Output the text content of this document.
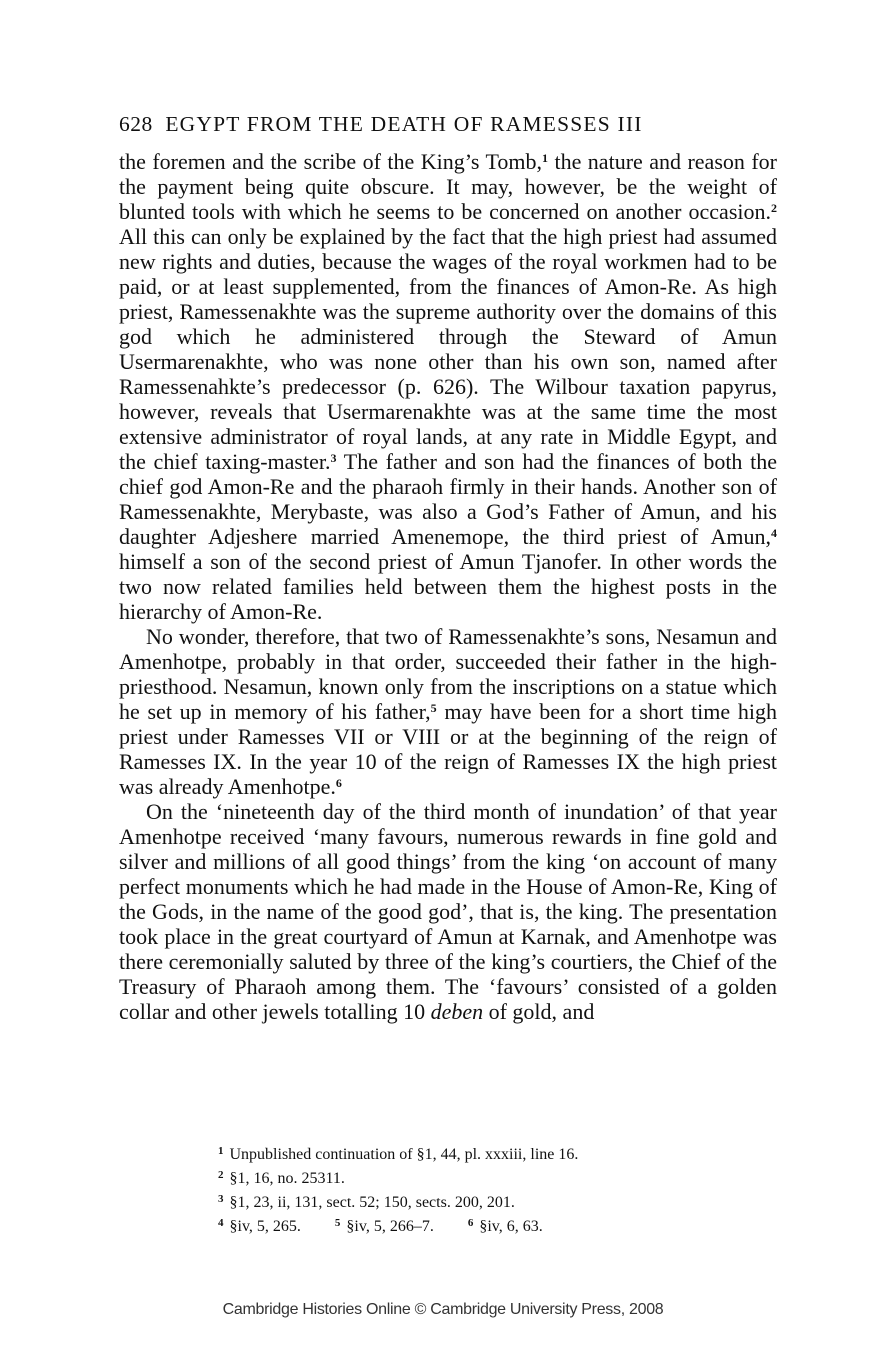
628 EGYPT FROM THE DEATH OF RAMESSES III

the foremen and the scribe of the King’s Tomb,$^1$ the nature and reason for the payment being quite obscure. It may, however, be the weight of blunted tools with which he seems to be concerned on another occasion.$^2$ All this can only be explained by the fact that the high priest had assumed new rights and duties, because the wages of the royal workmen had to be paid, or at least supplemented, from the finances of Amon-Re. As high priest, Ramessenakhte was the supreme authority over the domains of this god which he administered through the Steward of Amun Usermarenakhte, who was none other than his own son, named after Ramessenahkte’s predecessor (p. 626). The Wilbour taxation papyrus, however, reveals that Usermarenakhte was at the same time the most extensive administrator of royal lands, at any rate in Middle Egypt, and the chief taxing-master.$^3$ The father and son had the finances of both the chief god Amon-Re and the pharaoh firmly in their hands. Another son of Ramessenakhte, Merybaste, was also a God’s Father of Amun, and his daughter Adjeshere married Amenemope, the third priest of Amun,$^4$ himself a son of the second priest of Amun Tjanofer. In other words the two now related families held between them the highest posts in the hierarchy of Amon-Re.

No wonder, therefore, that two of Ramessenakhte’s sons, Nesamun and Amenhotpe, probably in that order, succeeded their father in the high-priesthood. Nesamun, known only from the inscriptions on a statue which he set up in memory of his father,$^5$ may have been for a short time high priest under Ramesses VII or VIII or at the beginning of the reign of Ramesses IX. In the year 10 of the reign of Ramesses IX the high priest was already Amenhotpe.$^6$

On the ‘nineteenth day of the third month of inundation’ of that year Amenhotpe received ‘many favours, numerous rewards in fine gold and silver and millions of all good things’ from the king ‘on account of many perfect monuments which he had made in the House of Amon-Re, King of the Gods, in the name of the good god’, that is, the king. The presentation took place in the great courtyard of Amun at Karnak, and Amenhotpe was there ceremonially saluted by three of the king’s courtiers, the Chief of the Treasury of Pharaoh among them. The ‘favours’ consisted of a golden collar and other jewels totalling 10 deben of gold, and

$^1$ Unpublished continuation of §1, 44, pl. xxxiii, line 16.
$^2$ §1, 16, no. 25311.
$^3$ §1, 23, ii, 131, sect. 52; 150, sects. 200, 201.
$^4$ §iv, 5, 265.	$^5$ §iv, 5, 266–7.	$^6$ §iv, 6, 63.
Cambridge Histories Online © Cambridge University Press, 2008
